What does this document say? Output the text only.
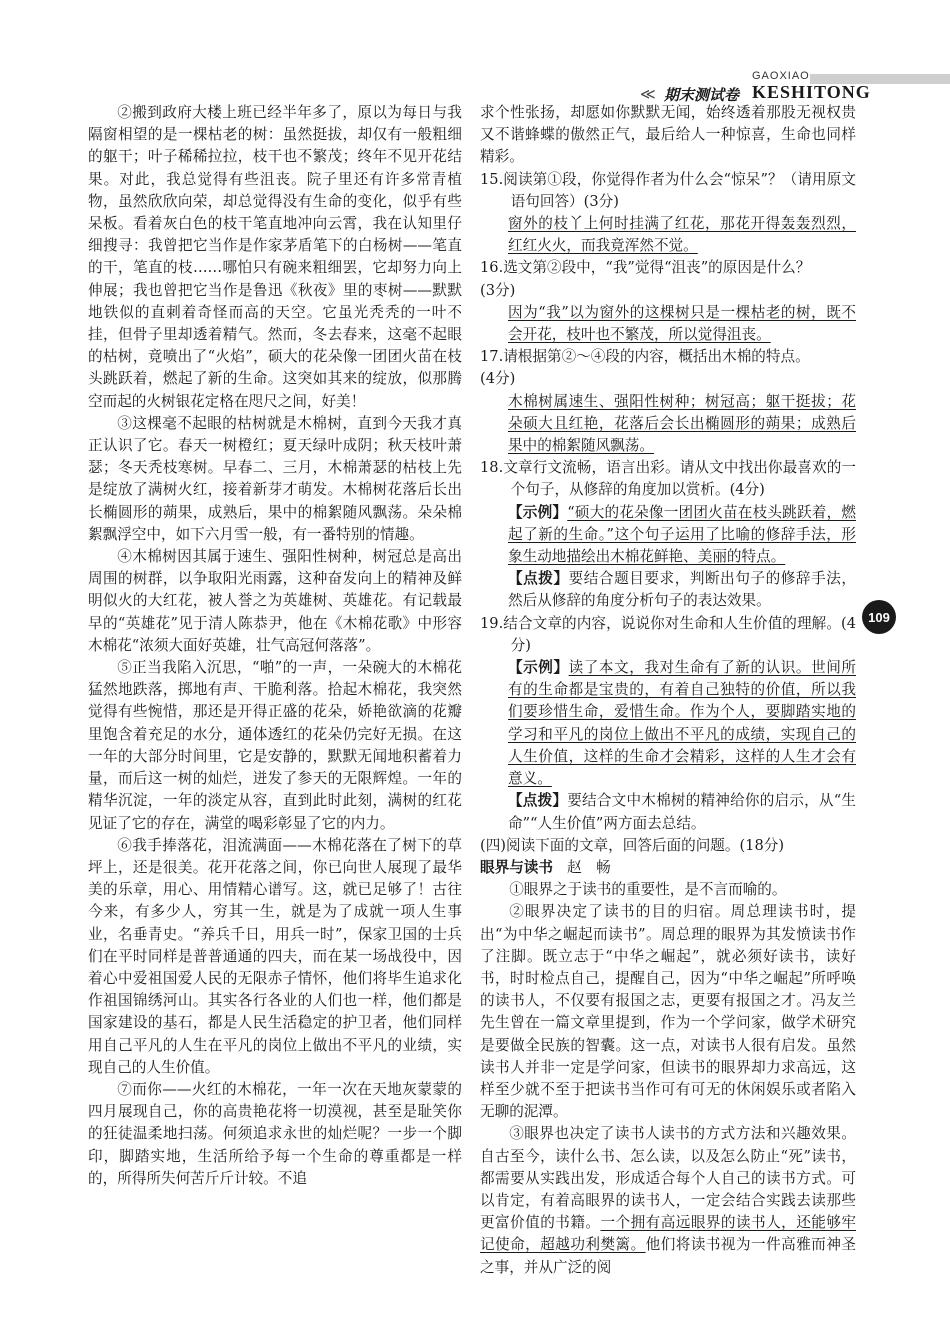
GAOXIAO
≪ 期末测试卷 KESHITONG

②搬到政府大楼上班已经半年多了，原以为每日与我隔窗相望的是一棵枯老的树：虽然挺拔，却仅有一般粗细的躯干；叶子稀稀拉拉，枝干也不繁茂；终年不见开花结果。对此，我总觉得有些沮丧。院子里还有许多常青植物，虽然欣欣向荣，却总觉得没有生命的变化，似乎有些呆板。看着灰白色的枝干笔直地冲向云霄，我在认知里仔细搜寻：我曾把它当作是作家茅盾笔下的白杨树——笔直的干，笔直的枝……哪怕只有碗来粗细罢，它却努力向上伸展；我也曾把它当作是鲁迅《秋夜》里的枣树——默默地铁似的直刺着奇怪而高的天空。它虽光秃秃的一叶不挂，但骨子里却透着精气。然而，冬去春来，这毫不起眼的枯树，竟喷出了“火焰”，硕大的花朵像一团团火苗在枝头跳跃着，燃起了新的生命。这突如其来的绽放，似那腾空而起的火树银花定格在咫尺之间，好美！

③这棵毫不起眼的枯树就是木棉树，直到今天我才真正认识了它。春天一树橙红；夏天绿叶成阴；秋天枝叶萧瑟；冬天秃枝寒树。早春二、三月，木棉萧瑟的枯枝上先是绽放了满树火红，接着新芽才萌发。木棉树花落后长出长椭圆形的蒴果，成熟后，果中的棉絮随风飘荡。朵朵棉絮飘浮空中，如下六月雪一般，有一番特别的情趣。

④木棉树因其属于速生、强阳性树种，树冠总是高出周围的树群，以争取阳光雨露，这种奋发向上的精神及鲜明似火的大红花，被人誉之为英雄树、英雄花。有记载最早的“英雄花”见于清人陈恭尹，他在《木棉花歌》中形容木棉花“浓须大面好英雄，壮气高冠何落落”。

⑤正当我陷入沉思，“啪”的一声，一朵碗大的木棉花猛然地跌落，掷地有声、干脆利落。拾起木棉花，我突然觉得有些惋惜，那还是开得正盛的花朵，娇艳欲滴的花瓣里饱含着充足的水分，通体透红的花朵仍完好无损。在这一年的大部分时间里，它是安静的，默默无闻地积蓄着力量，而后这一树的灿烂，迸发了参天的无限辉煌。一年的精华沉淀，一年的淡定从容，直到此时此刻，满树的红花见证了它的存在，满堂的喝彩彰显了它的内力。

⑥我手捧落花，泪流满面——木棉花落在了树下的草坪上，还是很美。花开花落之间，你已向世人展现了最华美的乐章，用心、用情精心谱写。这，就已足够了！古往今来，有多少人，穷其一生，就是为了成就一项人生事业，名垂青史。“养兵千日，用兵一时”，保家卫国的士兵们在平时同样是普普通通的四夫，而在某一场战役中，因着心中爱祖国爱人民的无限赤子情怀，他们将毕生追求化作祖国锦绣河山。其实各行各业的人们也一样，他们都是国家建设的基石，都是人民生活稳定的护卫者，他们同样用自己平凡的人生在平凡的岗位上做出不平凡的业绩，实现自己的人生价值。

⑦而你——火红的木棉花，一年一次在天地灰蒙蒙的四月展现自己，你的高贵艳花将一切漠视，甚至是耻笑你的狂徒温柔地扫荡。何须追求永世的灿烂呢？一步一个脚印，脚踏实地，生活所给予每一个生命的尊重都是一样的，所得所失何苦斤斤计较。不追

求个性张扬，却愿如你默默无闻，始终透着那股无视权贵又不谐蜂蝶的傲然正气，最后给人一种惊喜，生命也同样精彩。

15.阅读第①段，你觉得作者为什么会“惊呆”？（请用原文语句回答）(3分)

窗外的枝丫上何时挂满了红花，那花开得轰轰烈烈，红红火火，而我竟浑然不觉。

16.选文第②段中，“我”觉得“沮丧”的原因是什么？

(3分)

因为“我”以为窗外的这棵树只是一棵枯老的树，既不会开花，枝叶也不繁茂，所以觉得沮丧。

17.请根据第②～④段的内容，概括出木棉的特点。

(4分)

木棉树属速生、强阳性树种；树冠高；躯干挺拔；花朵硕大且红艳，花落后会长出椭圆形的蒴果；成熟后果中的棉絮随风飘荡。

18.文章行文流畅，语言出彩。请从文中找出你最喜欢的一个句子，从修辞的角度加以赏析。(4分)

【示例】“硕大的花朵像一团团火苗在枝头跳跃着，燃起了新的生命。”这个句子运用了比喻的修辞手法，形象生动地描绘出木棉花鲜艳、美丽的特点。

【点拨】要结合题目要求，判断出句子的修辞手法，然后从修辞的角度分析句子的表达效果。

19.结合文章的内容，说说你对生命和人生价值的理解。(4分)

【示例】读了本文，我对生命有了新的认识。世间所有的生命都是宝贵的，有着自己独特的价值，所以我们要珍惜生命，爱惜生命。作为个人，要脚踏实地的学习和平凡的岗位上做出不平凡的成绩，实现自己的人生价值，这样的生命才会精彩，这样的人生才会有意义。

【点拨】要结合文中木棉树的精神给你的启示，从“生命”“人生价值”两方面去总结。

(四)阅读下面的文章，回答后面的问题。(18分)

眼界与读书 赵　畅

①眼界之于读书的重要性，是不言而喻的。

②眼界决定了读书的目的归宿。周总理读书时，提出“为中华之崛起而读书”。周总理的眼界为其发愤读书作了注脚。既立志于“中华之崛起”，就必须好读书，读好书，时时检点自己，提醒自己，因为“中华之崛起”所呼唤的读书人，不仅要有报国之志，更要有报国之才。冯友兰先生曾在一篇文章里提到，作为一个学问家，做学术研究是要做全民族的智囊。这一点，对读书人很有启发。虽然读书人并非一定是学问家，但读书的眼界却力求高远，这样至少就不至于把读书当作可有可无的休闲娱乐或者陷入无聊的泥潭。

③眼界也决定了读书人读书的方式方法和兴趣效果。自古至今，读什么书、怎么读，以及怎么防止“死”读书，都需要从实践出发，形成适合每个人自己的读书方式。可以肯定，有着高眼界的读书人，一定会结合实践去读那些更富价值的书籍。一个拥有高远眼界的读书人，还能够牢记使命，超越功利樊篱。他们将读书视为一件高雅而神圣之事，并从广泛的阅

109
